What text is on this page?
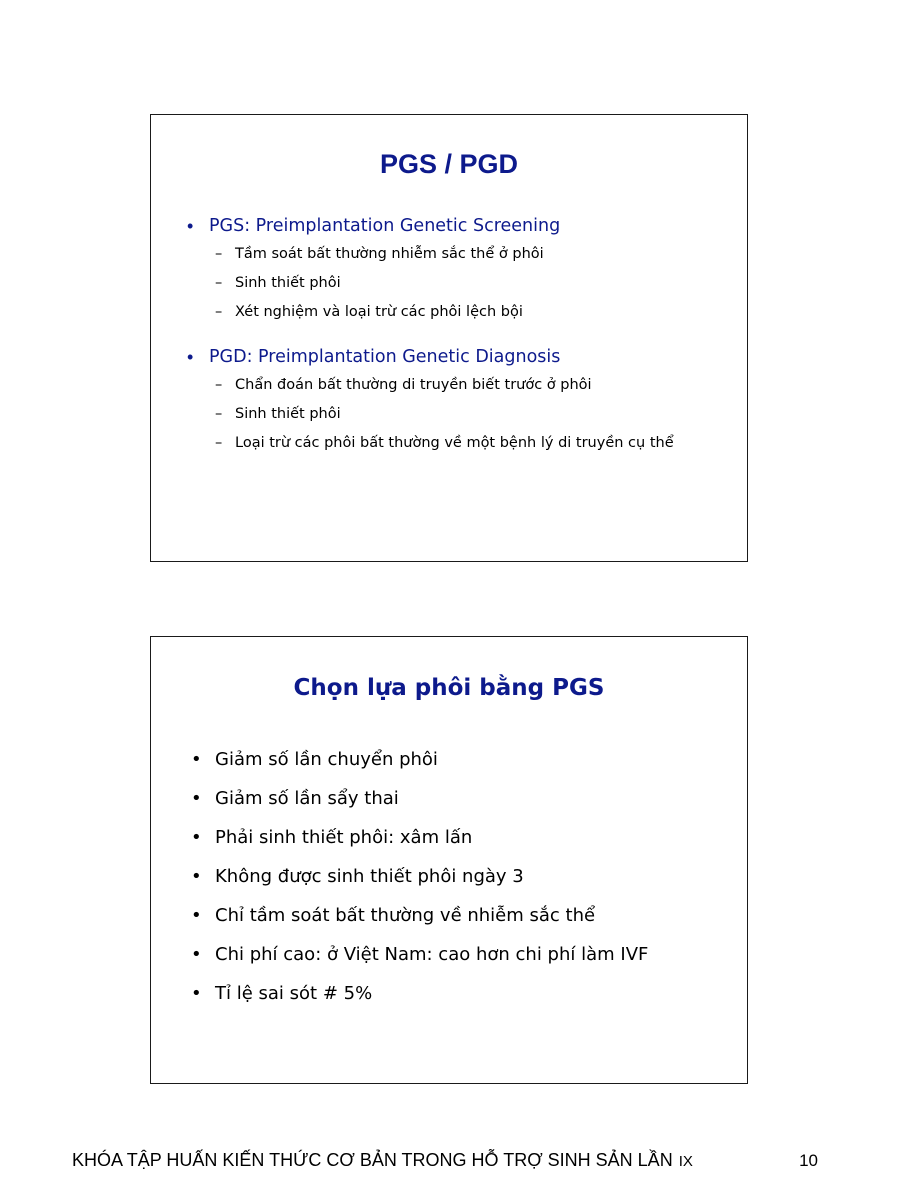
PGS / PGD
• PGS: Preimplantation Genetic Screening
– Tầm soát bất thường nhiễm sắc thể ở phôi
– Sinh thiết phôi
– Xét nghiệm và loại trừ các phôi lệch bội
• PGD: Preimplantation Genetic Diagnosis
– Chẩn đoán bất thường di truyền biết trước ở phôi
– Sinh thiết phôi
– Loại trừ các phôi bất thường về một bệnh lý di truyền cụ thể
Chọn lựa phôi bằng PGS
• Giảm số lần chuyển phôi
• Giảm số lần sẩy thai
• Phải sinh thiết phôi: xâm lấn
• Không được sinh thiết phôi ngày 3
• Chỉ tầm soát bất thường về nhiễm sắc thể
• Chi phí cao: ở Việt Nam: cao hơn chi phí làm IVF
• Tỉ lệ sai sót # 5%
KHÓA TẬP HUẤN KIẾN THỨC CƠ BẢN TRONG HỖ TRỢ SINH SẢN LẦN IX	10
